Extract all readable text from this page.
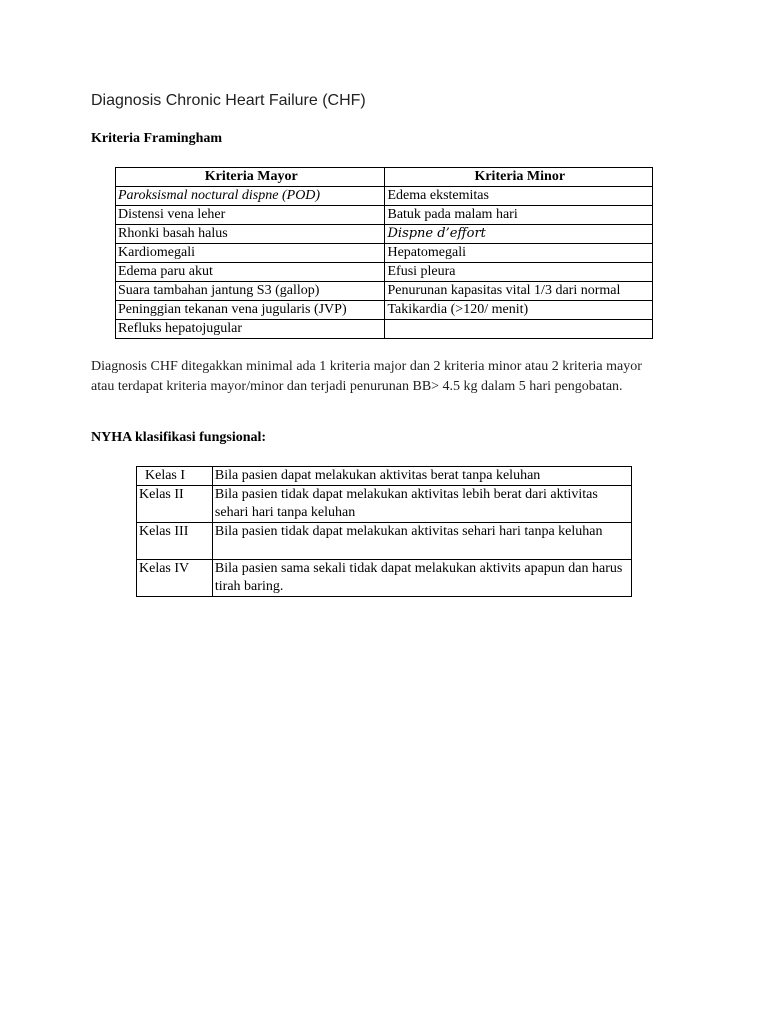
Diagnosis Chronic Heart Failure (CHF)
Kriteria Framingham
Kriteria Mayor	Kriteria Minor
Paroksismal noctural dispne (POD)	Edema ekstemitas
Distensi vena leher	Batuk pada malam hari
Rhonki basah halus	Dispne d’effort
Kardiomegali	Hepatomegali
Edema paru akut	Efusi pleura
Suara tambahan jantung S3 (gallop)	Penurunan kapasitas vital 1/3 dari normal
Peninggian tekanan vena jugularis (JVP)	Takikardia (>120/ menit)
Refluks hepatojugular	

Diagnosis CHF ditegakkan minimal ada 1 kriteria major dan 2 kriteria minor atau 2 kriteria mayor atau terdapat kriteria mayor/minor dan terjadi penurunan BB> 4.5 kg dalam 5 hari pengobatan.

NYHA klasifikasi fungsional:
Kelas I	Bila pasien dapat melakukan aktivitas berat tanpa keluhan
Kelas II	Bila pasien tidak dapat melakukan aktivitas lebih berat dari aktivitas sehari hari tanpa keluhan
Kelas III	Bila pasien tidak dapat melakukan aktivitas sehari hari tanpa keluhan
Kelas IV	Bila pasien sama sekali tidak dapat melakukan aktivits apapun dan harus tirah baring.
